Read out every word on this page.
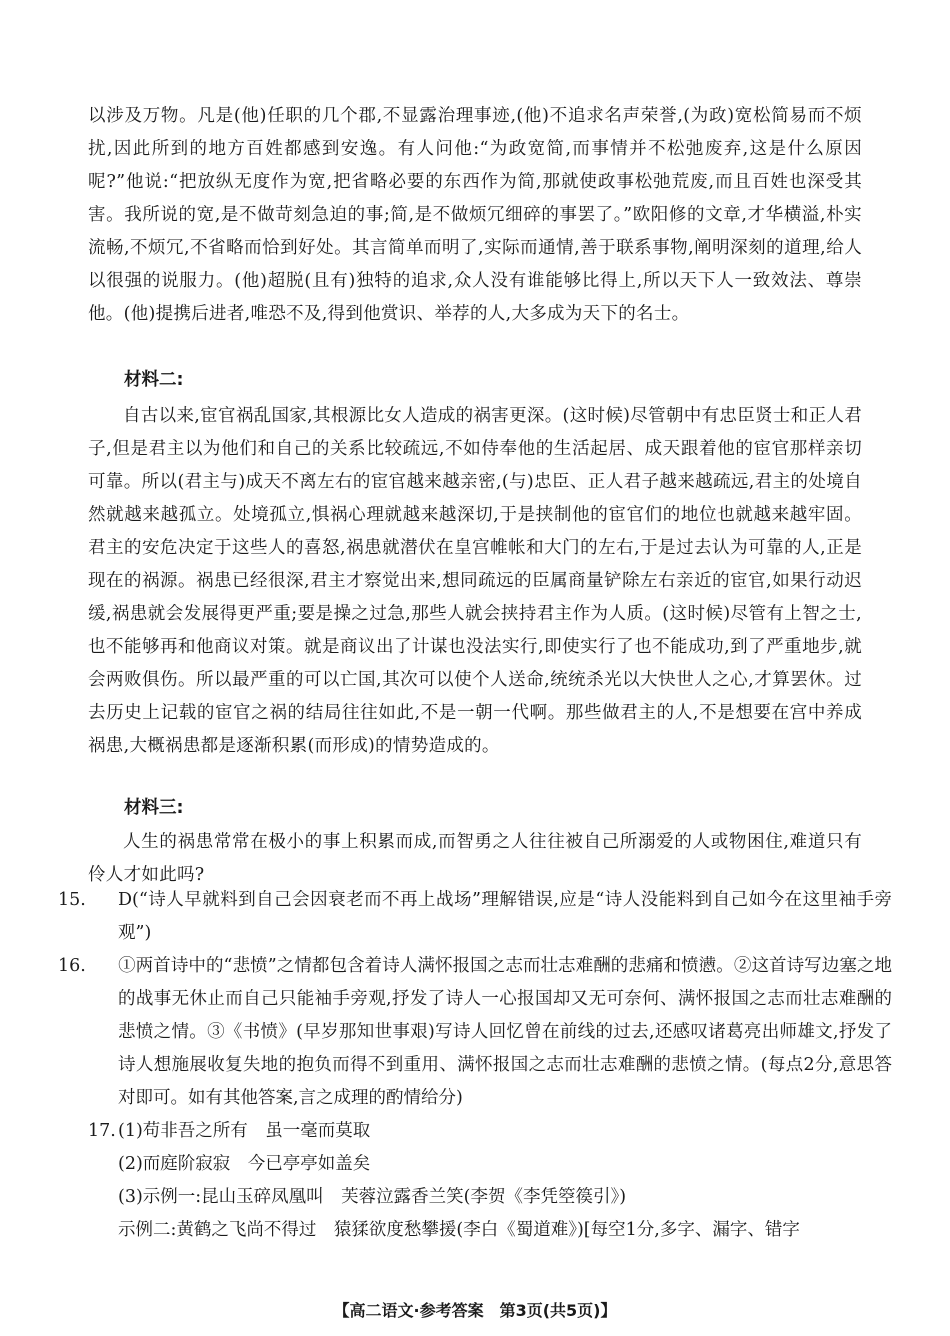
以涉及万物。凡是(他)任职的几个郡,不显露治理事迹,(他)不追求名声荣誉,(为政)宽松简易而不烦扰,因此所到的地方百姓都感到安逸。有人问他:“为政宽简,而事情并不松弛废弃,这是什么原因呢?”他说:“把放纵无度作为宽,把省略必要的东西作为简,那就使政事松弛荒废,而且百姓也深受其害。我所说的宽,是不做苛刻急迫的事;简,是不做烦冗细碎的事罢了。”欧阳修的文章,才华横溢,朴实流畅,不烦冗,不省略而恰到好处。其言简单而明了,实际而通情,善于联系事物,阐明深刻的道理,给人以很强的说服力。(他)超脱(且有)独特的追求,众人没有谁能够比得上,所以天下人一致效法、尊崇他。(他)提携后进者,唯恐不及,得到他赏识、举荐的人,大多成为天下的名士。

材料二:

自古以来,宦官祸乱国家,其根源比女人造成的祸害更深。(这时候)尽管朝中有忠臣贤士和正人君子,但是君主以为他们和自己的关系比较疏远,不如侍奉他的生活起居、成天跟着他的宦官那样亲切可靠。所以(君主与)成天不离左右的宦官越来越亲密,(与)忠臣、正人君子越来越疏远,君主的处境自然就越来越孤立。处境孤立,惧祸心理就越来越深切,于是挟制他的宦官们的地位也就越来越牢固。君主的安危决定于这些人的喜怒,祸患就潜伏在皇宫帷帐和大门的左右,于是过去认为可靠的人,正是现在的祸源。祸患已经很深,君主才察觉出来,想同疏远的臣属商量铲除左右亲近的宦官,如果行动迟缓,祸患就会发展得更严重;要是操之过急,那些人就会挟持君主作为人质。(这时候)尽管有上智之士,也不能够再和他商议对策。就是商议出了计谋也没法实行,即使实行了也不能成功,到了严重地步,就会两败俱伤。所以最严重的可以亡国,其次可以使个人送命,统统杀光以大快世人之心,才算罢休。过去历史上记载的宦官之祸的结局往往如此,不是一朝一代啊。那些做君主的人,不是想要在宫中养成祸患,大概祸患都是逐渐积累(而形成)的情势造成的。

材料三:

人生的祸患常常在极小的事上积累而成,而智勇之人往往被自己所溺爱的人或物困住,难道只有伶人才如此吗?

15. D(“诗人早就料到自己会因衰老而不再上战场”理解错误,应是“诗人没能料到自己如今在这里袖手旁观”)
16. ①两首诗中的“悲愤”之情都包含着诗人满怀报国之志而壮志难酬的悲痛和愤懑。②这首诗写边塞之地的战事无休止而自己只能袖手旁观,抒发了诗人一心报国却又无可奈何、满怀报国之志而壮志难酬的悲愤之情。③《书愤》(早岁那知世事艰)写诗人回忆曾在前线的过去,还感叹诸葛亮出师雄文,抒发了诗人想施展收复失地的抱负而得不到重用、满怀报国之志而壮志难酬的悲愤之情。(每点2分,意思答对即可。如有其他答案,言之成理的酌情给分)
17. (1)苟非吾之所有　虽一毫而莫取

(2)而庭阶寂寂　今已亭亭如盖矣

(3)示例一:昆山玉碎凤凰叫　芙蓉泣露香兰笑(李贺《李凭箜篌引》)

示例二:黄鹤之飞尚不得过　猿猱欲度愁攀援(李白《蜀道难》)[每空1分,多字、漏字、错字

【高二语文·参考答案　第3页(共5页)】
